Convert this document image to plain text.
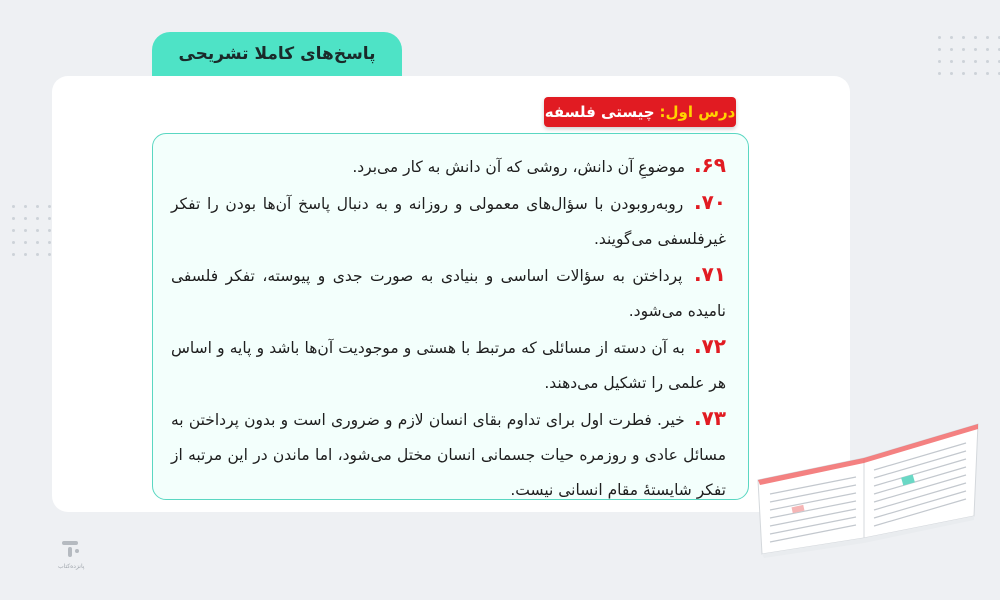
پاسخ‌های کاملا تشریحی
درس اول:
چیستی فلسفه

۶۹. موضوعِ آن دانش، روشی که آن دانش به کار می‌برد.

۷۰. روبه‌روبودن با سؤال‌های معمولی و روزانه و به دنبال پاسخ آن‌ها بودن را تفکر غیرفلسفی می‌گویند.

۷۱. پرداختن به سؤالات اساسی و بنیادی به صورت جدی و پیوسته، تفکر فلسفی نامیده می‌شود.

۷۲. به آن دسته از مسائلی که مرتبط با هستی و موجودیت آن‌ها باشد و پایه و اساس هر علمی را تشکیل می‌دهند.

۷۳. خیر. فطرت اول برای تداوم بقای انسان لازم و ضروری است و بدون پرداختن به مسائل عادی و روزمره حیات جسمانی انسان مختل می‌شود، اما ماندن در این مرتبه از تفکر شایستهٔ مقام انسانی نیست.

پانزده‌کتاب
